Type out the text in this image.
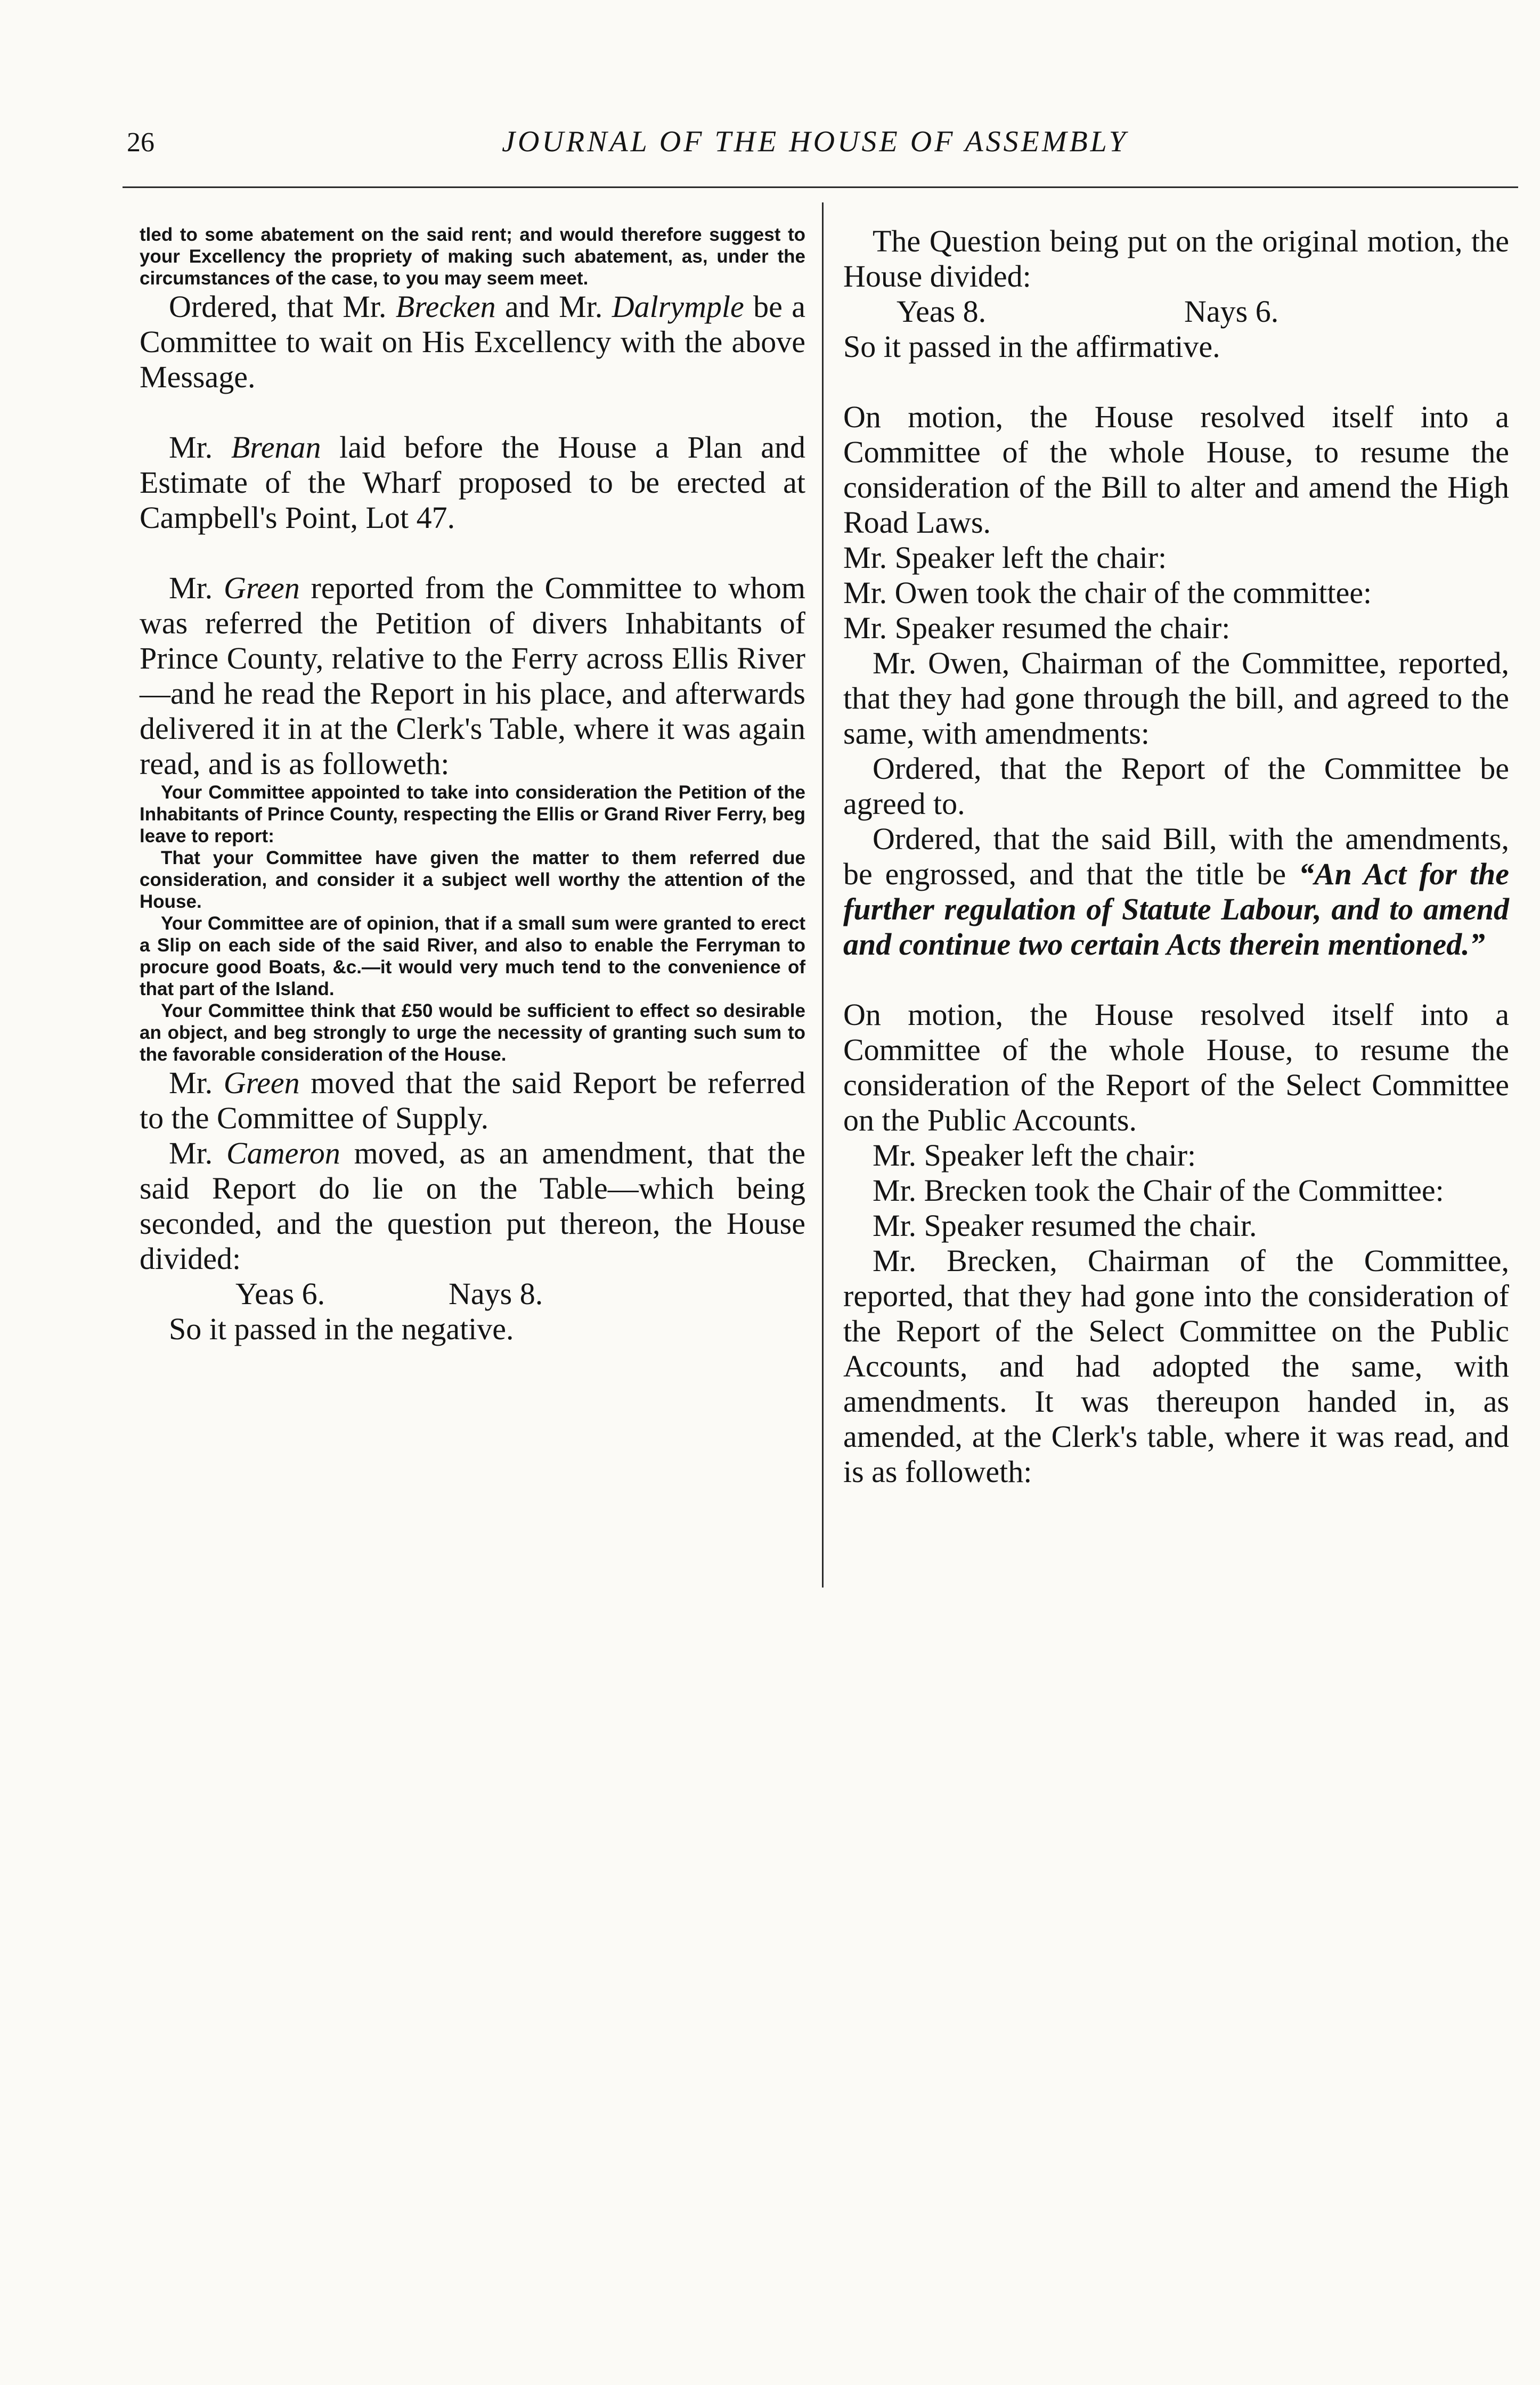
26	JOURNAL OF THE HOUSE OF ASSEMBLY

tled to some abatement on the said rent; and would therefore suggest to your Excellency the propriety of making such abatement, as, under the circumstances of the case, to you may seem meet.

Ordered, that Mr. Brecken and Mr. Dalrymple be a Committee to wait on His Excellency with the above Message.

Mr. Brenan laid before the House a Plan and Estimate of the Wharf proposed to be erected at Campbell's Point, Lot 47.

Mr. Green reported from the Committee to whom was referred the Petition of divers Inhabitants of Prince County, relative to the Ferry across Ellis River—and he read the Report in his place, and afterwards delivered it in at the Clerk's Table, where it was again read, and is as followeth:

Your Committee appointed to take into consideration the Petition of the Inhabitants of Prince County, respecting the Ellis or Grand River Ferry, beg leave to report:

That your Committee have given the matter to them referred due consideration, and consider it a subject well worthy the attention of the House.

Your Committee are of opinion, that if a small sum were granted to erect a Slip on each side of the said River, and also to enable the Ferryman to procure good Boats, &c.—it would very much tend to the convenience of that part of the Island.

Your Committee think that £50 would be sufficient to effect so desirable an object, and beg strongly to urge the necessity of granting such sum to the favorable consideration of the House.

Mr. Green moved that the said Report be referred to the Committee of Supply.

Mr. Cameron moved, as an amendment, that the said Report do lie on the Table—which being seconded, and the question put thereon, the House divided:

Yeas 6.	Nays 8.

So it passed in the negative.

The Question being put on the original motion, the House divided:

Yeas 8.	Nays 6.

So it passed in the affirmative.

On motion, the House resolved itself into a Committee of the whole House, to resume the consideration of the Bill to alter and amend the High Road Laws.

Mr. Speaker left the chair:

Mr. Owen took the chair of the committee:

Mr. Speaker resumed the chair:

Mr. Owen, Chairman of the Committee, reported, that they had gone through the bill, and agreed to the same, with amendments:

Ordered, that the Report of the Committee be agreed to.

Ordered, that the said Bill, with the amendments, be engrossed, and that the title be “An Act for the further regulation of Statute Labour, and to amend and continue two certain Acts therein mentioned.”

On motion, the House resolved itself into a Committee of the whole House, to resume the consideration of the Report of the Select Committee on the Public Accounts.

Mr. Speaker left the chair:

Mr. Brecken took the Chair of the Committee:

Mr. Speaker resumed the chair.

Mr. Brecken, Chairman of the Committee, reported, that they had gone into the consideration of the Report of the Select Committee on the Public Accounts, and had adopted the same, with amendments. It was thereupon handed in, as amended, at the Clerk's table, where it was read, and is as followeth:
